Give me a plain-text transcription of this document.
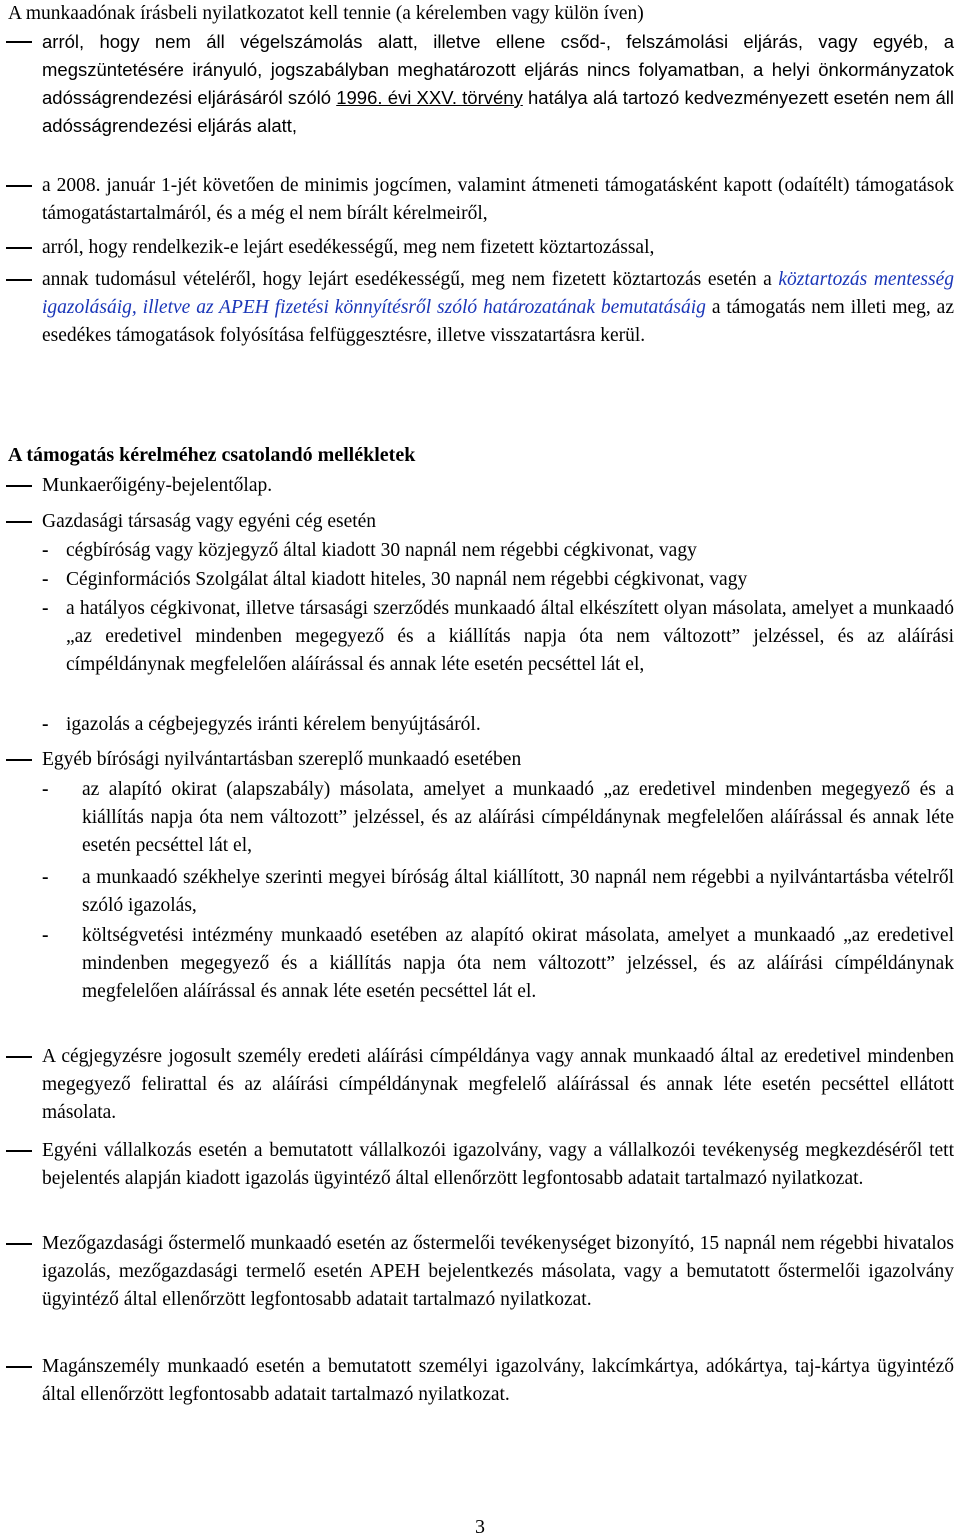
A munkaadónak írásbeli nyilatkozatot kell tennie (a kérelemben vagy külön íven)

arról, hogy nem áll végelszámolás alatt, illetve ellene csőd-, felszámolási eljárás, vagy egyéb, a megszüntetésére irányuló, jogszabályban meghatározott eljárás nincs folyamatban, a helyi önkormányzatok adósságrendezési eljárásáról szóló 1996. évi XXV. törvény hatálya alá tartozó kedvezményezett esetén nem áll adósságrendezési eljárás alatt,
a 2008. január 1-jét követően de minimis jogcímen, valamint átmeneti támogatásként kapott (odaítélt) támogatások támogatástartalmáról, és a még el nem bírált kérelmeiről,
arról, hogy rendelkezik-e lejárt esedékességű, meg nem fizetett köztartozással,
annak tudomásul vételéről, hogy lejárt esedékességű, meg nem fizetett köztartozás esetén a köztartozás mentesség igazolásáig, illetve az APEH fizetési könnyítésről szóló határozatának bemutatásáig a támogatás nem illeti meg, az esedékes támogatások folyósítása felfüggesztésre, illetve visszatartásra kerül.
A támogatás kérelméhez csatolandó mellékletek
Munkaerőigény-bejelentőlap.
Gazdasági társaság vagy egyéni cég esetén
- cégbíróság vagy közjegyző által kiadott 30 napnál nem régebbi cégkivonat, vagy
- Céginformációs Szolgálat által kiadott hiteles, 30 napnál nem régebbi cégkivonat, vagy
- a hatályos cégkivonat, illetve társasági szerződés munkaadó által elkészített olyan másolata, amelyet a munkaadó „az eredetivel mindenben megegyező és a kiállítás napja óta nem változott” jelzéssel, és az aláírási címpéldánynak megfelelően aláírással és annak léte esetén pecséttel lát el,
- igazolás a cégbejegyzés iránti kérelem benyújtásáról.
Egyéb bírósági nyilvántartásban szereplő munkaadó esetében
- az alapító okirat (alapszabály) másolata, amelyet a munkaadó „az eredetivel mindenben megegyező és a kiállítás napja óta nem változott” jelzéssel, és az aláírási címpéldánynak megfelelően aláírással és annak léte esetén pecséttel lát el,
- a munkaadó székhelye szerinti megyei bíróság által kiállított, 30 napnál nem régebbi a nyilvántartásba vételről szóló igazolás,
- költségvetési intézmény munkaadó esetében az alapító okirat másolata, amelyet a munkaadó „az eredetivel mindenben megegyező és a kiállítás napja óta nem változott” jelzéssel, és az aláírási címpéldánynak megfelelően aláírással és annak léte esetén pecséttel lát el.
A cégjegyzésre jogosult személy eredeti aláírási címpéldánya vagy annak munkaadó által az eredetivel mindenben megegyező felirattal és az aláírási címpéldánynak megfelelő aláírással és annak léte esetén pecséttel ellátott másolata.
Egyéni vállalkozás esetén a bemutatott vállalkozói igazolvány, vagy a vállalkozói tevékenység megkezdéséről tett bejelentés alapján kiadott igazolás ügyintéző által ellenőrzött legfontosabb adatait tartalmazó nyilatkozat.
Mezőgazdasági őstermelő munkaadó esetén az őstermelői tevékenységet bizonyító, 15 napnál nem régebbi hivatalos igazolás, mezőgazdasági termelő esetén APEH bejelentkezés másolata, vagy a bemutatott őstermelői igazolvány ügyintéző által ellenőrzött legfontosabb adatait tartalmazó nyilatkozat.
Magánszemély munkaadó esetén a bemutatott személyi igazolvány, lakcímkártya, adókártya, taj-kártya ügyintéző által ellenőrzött legfontosabb adatait tartalmazó nyilatkozat.
3
